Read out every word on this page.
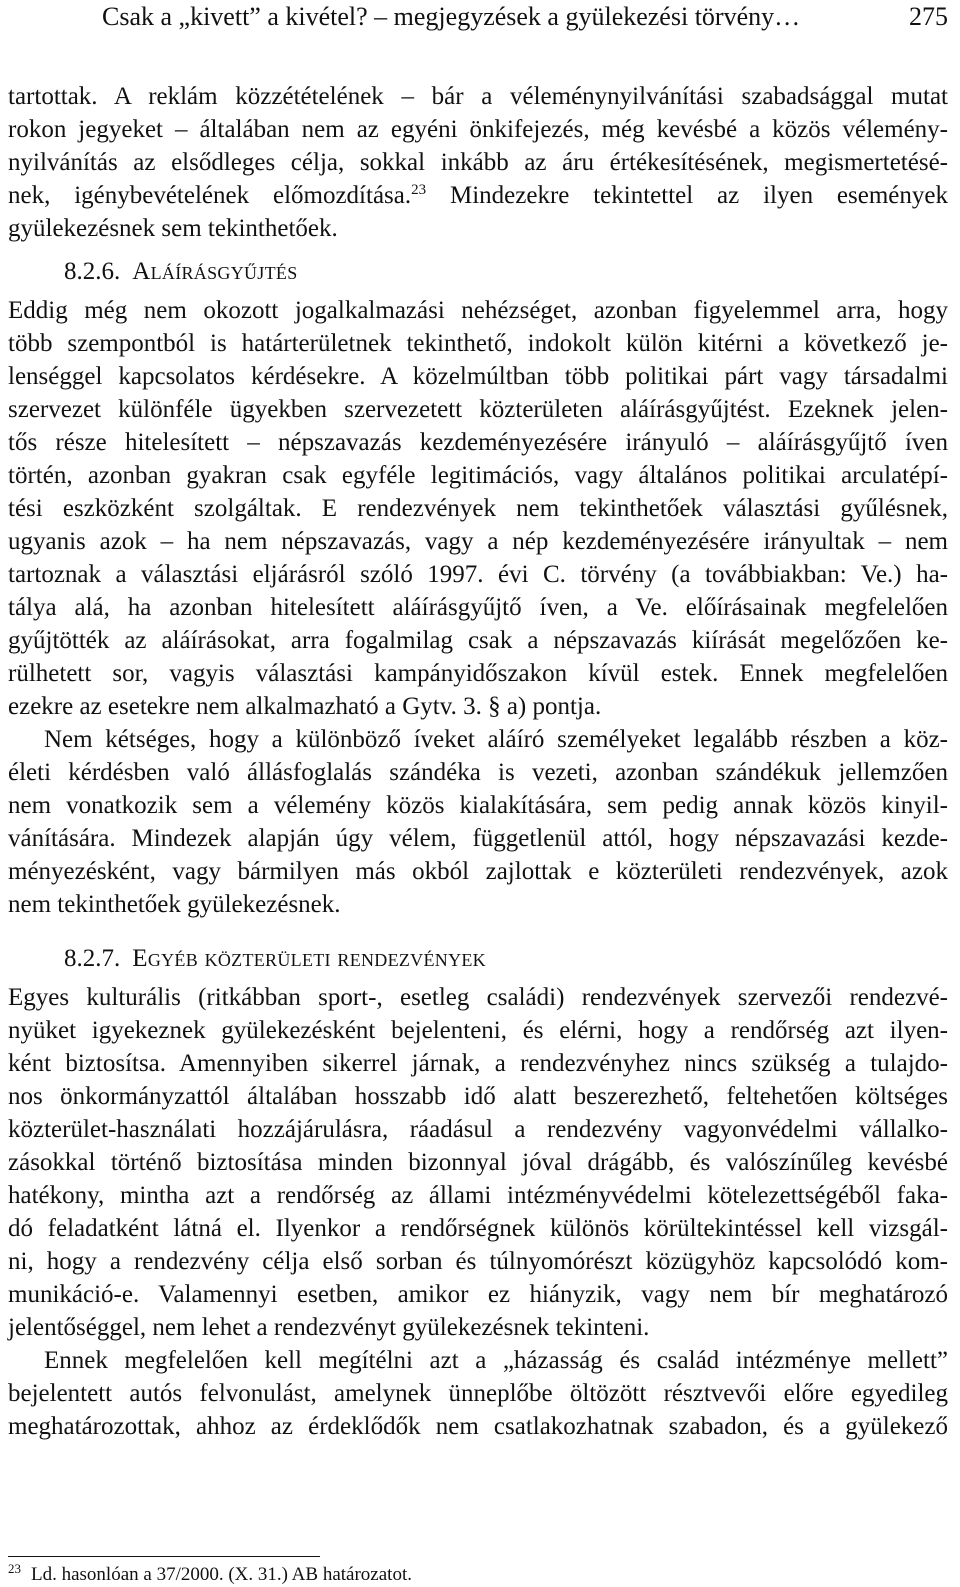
Csak a „kivett” a kivétel? – megjegyzések a gyülekezési törvény…	275
tartottak. A reklám közzétételének – bár a véleménynyilvánítási szabadsággal mutat
rokon jegyeket – általában nem az egyéni önkifejezés, még kevésbé a közös vélemény-
nyilvánítás az elsődleges célja, sokkal inkább az áru értékesítésének, megismertetésé-
nek, igénybevételének előmozdítása.$^{23}$ Mindezekre tekintettel az ilyen események
gyülekezésnek sem tekinthetőek.
8.2.6. Aláírásgyűjtés
Eddig még nem okozott jogalkalmazási nehézséget, azonban figyelemmel arra, hogy
több szempontból is határterületnek tekinthető, indokolt külön kitérni a következő je-
lenséggel kapcsolatos kérdésekre. A közelmúltban több politikai párt vagy társadalmi
szervezet különféle ügyekben szervezetett közterületen aláírásgyűjtést. Ezeknek jelen-
tős része hitelesített – népszavazás kezdeményezésére irányuló – aláírásgyűjtő íven
történ, azonban gyakran csak egyféle legitimációs, vagy általános politikai arculatépí-
tési eszközként szolgáltak. E rendezvények nem tekinthetőek választási gyűlésnek,
ugyanis azok – ha nem népszavazás, vagy a nép kezdeményezésére irányultak – nem
tartoznak a választási eljárásról szóló 1997. évi C. törvény (a továbbiakban: Ve.) ha-
tálya alá, ha azonban hitelesített aláírásgyűjtő íven, a Ve. előírásainak megfelelően
gyűjtötték az aláírásokat, arra fogalmilag csak a népszavazás kiírását megelőzően ke-
rülhetett sor, vagyis választási kampányidőszakon kívül estek. Ennek megfelelően
ezekre az esetekre nem alkalmazható a Gytv. 3. § a) pontja.
Nem kétséges, hogy a különböző íveket aláíró személyeket legalább részben a köz-
életi kérdésben való állásfoglalás szándéka is vezeti, azonban szándékuk jellemzően
nem vonatkozik sem a vélemény közös kialakítására, sem pedig annak közös kinyil-
vánítására. Mindezek alapján úgy vélem, függetlenül attól, hogy népszavazási kezde-
ményezésként, vagy bármilyen más okból zajlottak e közterületi rendezvények, azok
nem tekinthetőek gyülekezésnek.
8.2.7. Egyéb közterületi rendezvények
Egyes kulturális (ritkábban sport-, esetleg családi) rendezvények szervezői rendezvé-
nyüket igyekeznek gyülekezésként bejelenteni, és elérni, hogy a rendőrség azt ilyen-
ként biztosítsa. Amennyiben sikerrel járnak, a rendezvényhez nincs szükség a tulajdo-
nos önkormányzattól általában hosszabb idő alatt beszerezhető, feltehetően költséges
közterület-használati hozzájárulásra, ráadásul a rendezvény vagyonvédelmi vállalko-
zásokkal történő biztosítása minden bizonnyal jóval drágább, és valószínűleg kevésbé
hatékony, mintha azt a rendőrség az állami intézményvédelmi kötelezettségéből faka-
dó feladatként látná el. Ilyenkor a rendőrségnek különös körültekintéssel kell vizsgál-
ni, hogy a rendezvény célja első sorban és túlnyomórészt közügyhöz kapcsolódó kom-
munikáció-e. Valamennyi esetben, amikor ez hiányzik, vagy nem bír meghatározó
jelentőséggel, nem lehet a rendezvényt gyülekezésnek tekinteni.
Ennek megfelelően kell megítélni azt a „házasság és család intézménye mellett”
bejelentett autós felvonulást, amelynek ünneplőbe öltözött résztvevői előre egyedileg
meghatározottak, ahhoz az érdeklődők nem csatlakozhatnak szabadon, és a gyülekező
$^{23}$ Ld. hasonlóan a 37/2000. (X. 31.) AB határozatot.
